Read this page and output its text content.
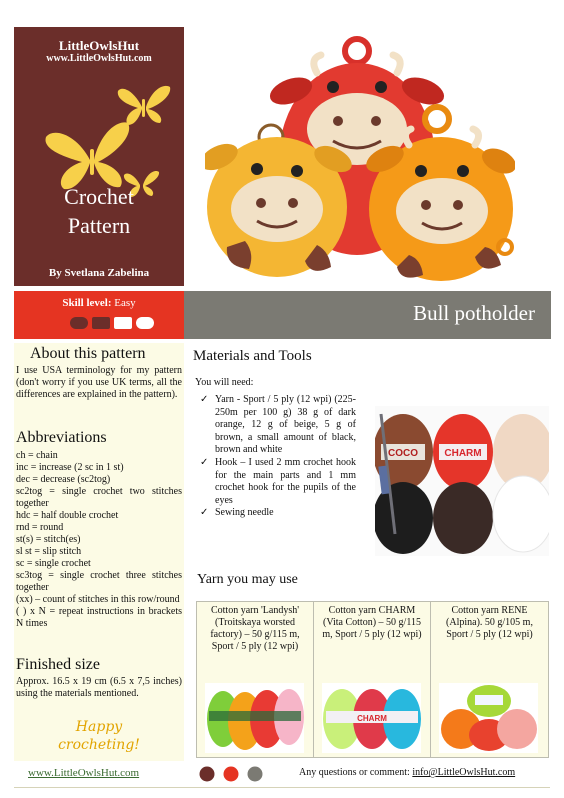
LittleOwlsHut
www.LittleOwlsHut.com
Crochet
Pattern
By Svetlana Zabelina
Skill level: Easy	Bull potholder
About this pattern
I use USA terminology for my pattern (don't worry if you use UK terms, all the differences are explained in the pattern).
Abbreviations
ch = chain
inc = increase (2 sc in 1 st)
dec = decrease (sc2tog)
sc2tog = single crochet two stitches together
hdc = half double crochet
rnd = round
st(s) = stitch(es)
sl st = slip stitch
sc = single crochet
sc3tog = single crochet three stitches together
(xx) – count of stitches in this row/round
( ) x N = repeat instructions in brackets N times
Finished size
Approx. 16.5 x 19 cm (6.5 x 7,5 inches) using the materials mentioned.
Happy
crocheting!
Materials and Tools
You will need:
✓ Yarn - Sport / 5 ply (12 wpi) (225-250m per 100 g) 38 g of dark orange, 12 g of beige, 5 g of brown, a small amount of black, brown and white
✓ Hook – I used 2 mm crochet hook for the main parts and 1 mm crochet hook for the pupils of the eyes
✓ Sewing needle
COCO	CHARM
Yarn you may use
Cotton yarn 'Landysh' (Troitskaya worsted factory) – 50 g/115 m, Sport / 5 ply (12 wpi)
Cotton yarn CHARM (Vita Cotton) – 50 g/115 m, Sport / 5 ply (12 wpi)
CHARM
Cotton yarn RENE (Alpina). 50 g/105 m, Sport / 5 ply (12 wpi)
www.LittleOwlsHut.com	Any questions or comment: info@LittleOwlsHut.com
